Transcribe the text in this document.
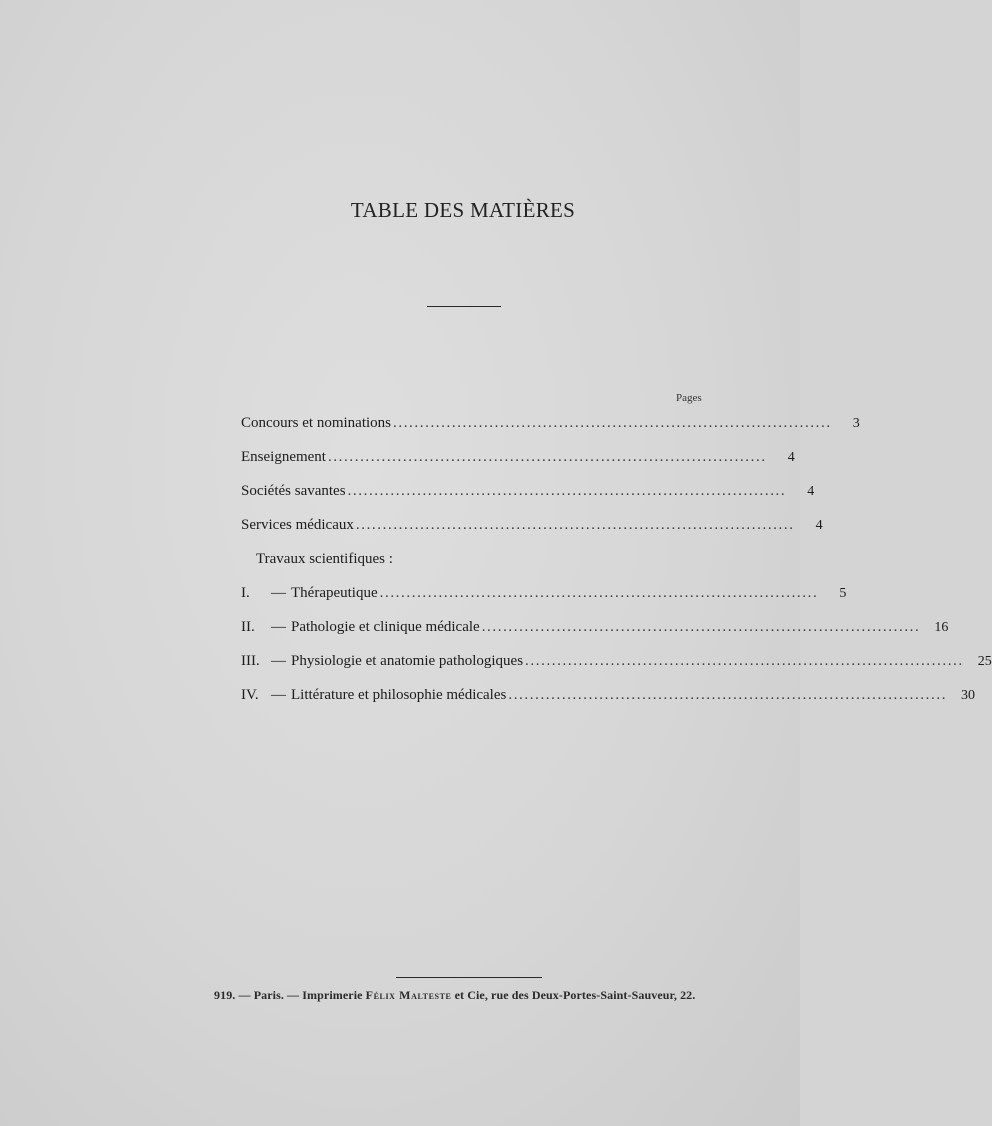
TABLE DES MATIÈRES
Pages
Concours et nominations ..................................................................................	3
Enseignement ..................................................................................	4
Sociétés savantes ..................................................................................	4
Services médicaux ..................................................................................	4
Travaux scientifiques :
I. — Thérapeutique ..................................................................................	5
II. — Pathologie et clinique médicale ..................................................................................	16
III. — Physiologie et anatomie pathologiques ..................................................................................	25
IV. — Littérature et philosophie médicales ..................................................................................	30
919. — Paris. — Imprimerie Félix Malteste et Cie, rue des Deux-Portes-Saint-Sauveur, 22.
